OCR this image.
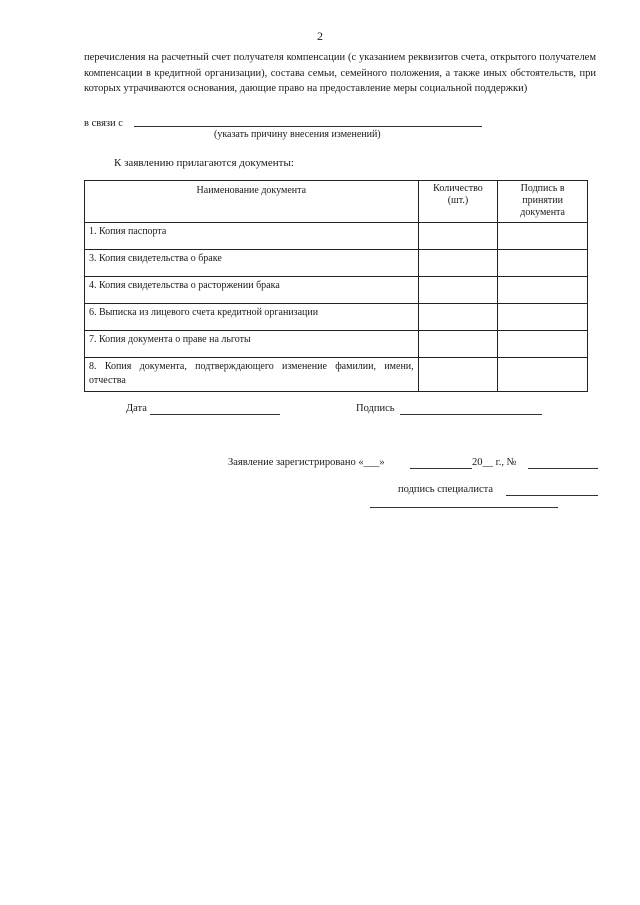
2
перечисления на расчетный счет получателя компенсации (с указанием реквизитов счета, открытого получателем компенсации в кредитной организации), состава семьи, семейного положения, а также иных обстоятельств, при которых утрачиваются основания, дающие право на предоставление меры социальной поддержки)
в связи с
(указать причину внесения изменений)
К заявлению прилагаются документы:
Наименование документа	Количество (шт.)	Подпись в принятии документа
1. Копия паспорта		
3. Копия свидетельства о браке		
4. Копия свидетельства о расторжении брака		
6. Выписка из лицевого счета кредитной организации		
7. Копия документа о праве на льготы		
8. Копия документа, подтверждающего изменение фамилии, имени, отчества		
Дата	Подпись
Заявление зарегистрировано «___»	20__ г., №
подпись специалиста
